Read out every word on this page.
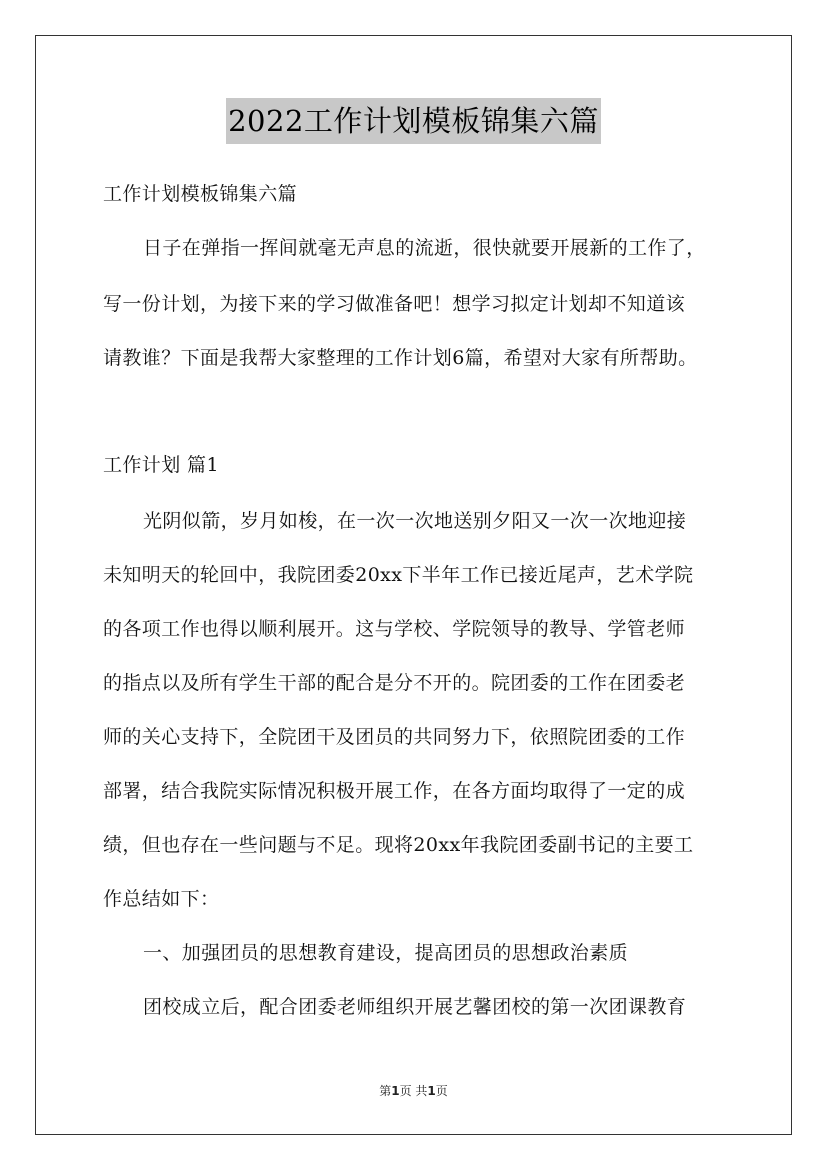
2022工作计划模板锦集六篇
工作计划模板锦集六篇
日子在弹指一挥间就毫无声息的流逝，很快就要开展新的工作了，
写一份计划，为接下来的学习做准备吧！想学习拟定计划却不知道该
请教谁？下面是我帮大家整理的工作计划6篇，希望对大家有所帮助。
工作计划 篇1
光阴似箭，岁月如梭，在一次一次地送别夕阳又一次一次地迎接
未知明天的轮回中，我院团委20xx下半年工作已接近尾声，艺术学院
的各项工作也得以顺利展开。这与学校、学院领导的教导、学管老师
的指点以及所有学生干部的配合是分不开的。院团委的工作在团委老
师的关心支持下，全院团干及团员的共同努力下，依照院团委的工作
部署，结合我院实际情况积极开展工作，在各方面均取得了一定的成
绩，但也存在一些问题与不足。现将20xx年我院团委副书记的主要工
作总结如下：
一、加强团员的思想教育建设，提高团员的思想政治素质
团校成立后，配合团委老师组织开展艺馨团校的第一次团课教育
第1页 共1页
